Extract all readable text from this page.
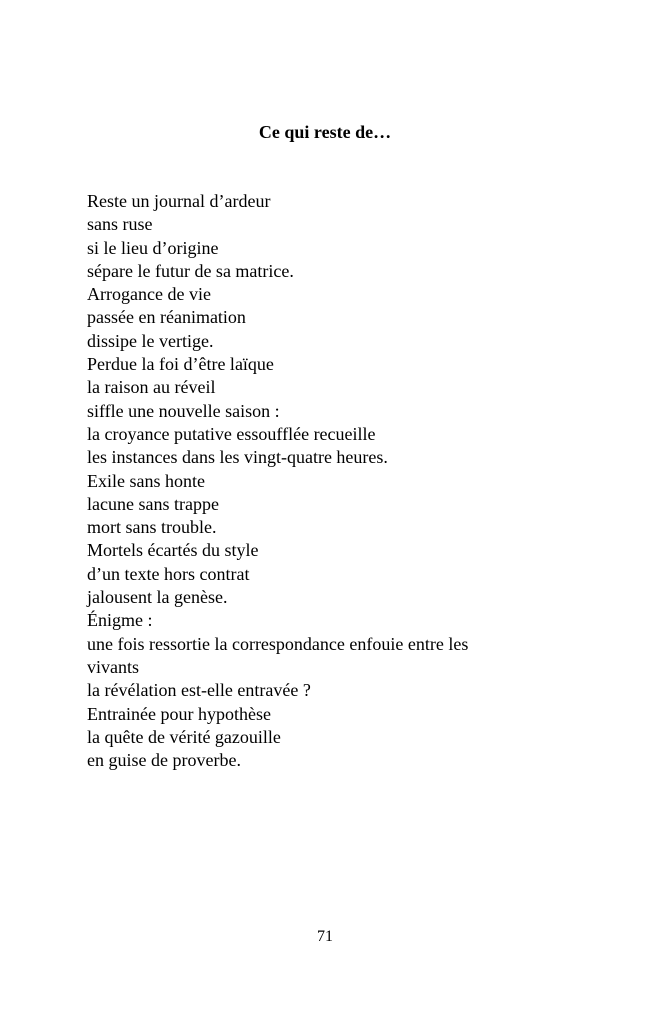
Ce qui reste de…
Reste un journal d’ardeur
sans ruse
si le lieu d’origine
sépare le futur de sa matrice.
Arrogance de vie
passée en réanimation
dissipe le vertige.
Perdue la foi d’être laïque
la raison au réveil
siffle une nouvelle saison :
la croyance putative essoufflée recueille
les instances dans les vingt-quatre heures.
Exile sans honte
lacune sans trappe
mort sans trouble.
Mortels écartés du style
d’un texte hors contrat
jalousent la genèse.
Énigme :
une fois ressortie la correspondance enfouie entre les
vivants
la révélation est-elle entravée ?
Entrainée pour hypothèse
la quête de vérité gazouille
en guise de proverbe.
71
